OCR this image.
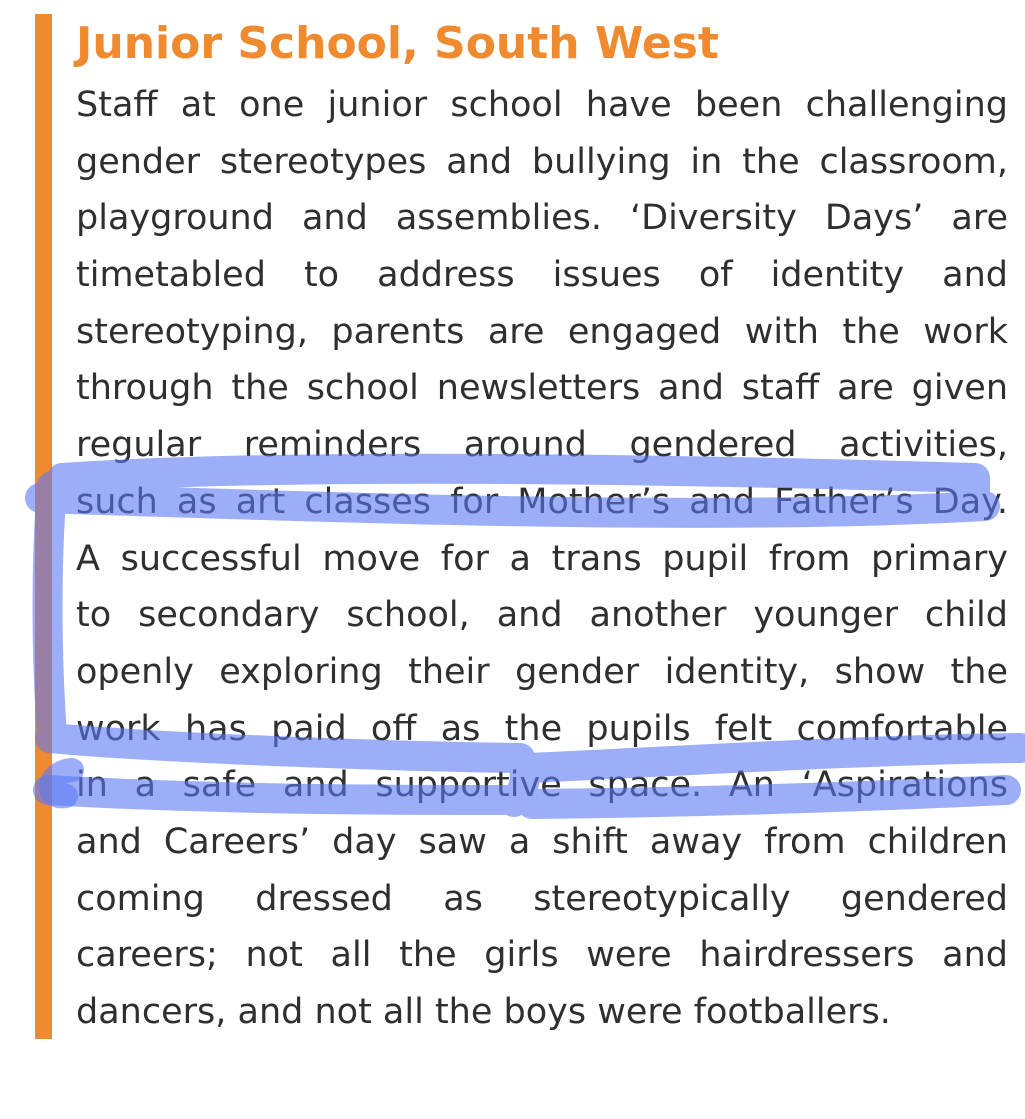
Junior School, South West
Staff at one junior school have been challenging
gender stereotypes and bullying in the classroom,
playground and assemblies. ‘Diversity Days’ are
timetabled to address issues of identity and
stereotyping, parents are engaged with the work
through the school newsletters and staff are given
regular reminders around gendered activities,
such as art classes for Mother’s and Father’s Day.
A successful move for a trans pupil from primary
to secondary school, and another younger child
openly exploring their gender identity, show the
work has paid off as the pupils felt comfortable
in a safe and supportive space. An ‘Aspirations
and Careers’ day saw a shift away from children
coming dressed as stereotypically gendered
careers; not all the girls were hairdressers and
dancers, and not all the boys were footballers.
